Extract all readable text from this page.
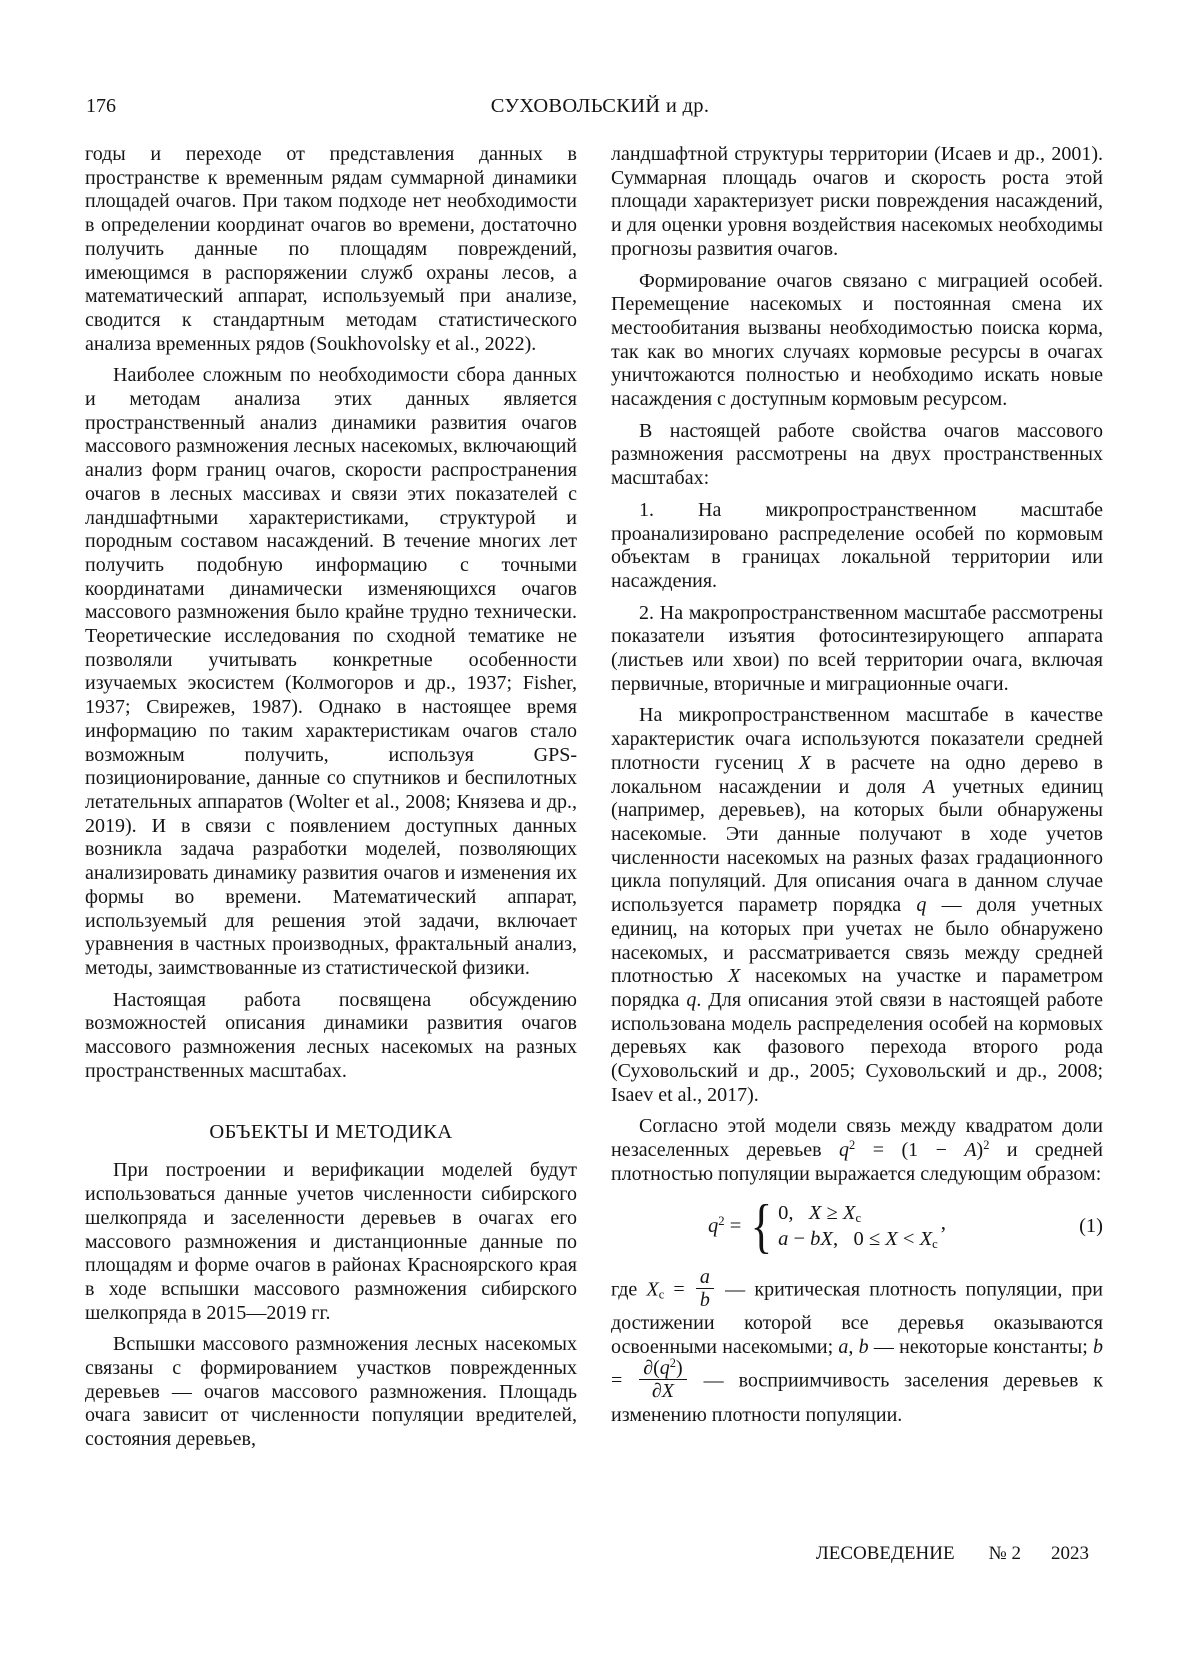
176	СУХОВОЛЬСКИЙ и др.

годы и переходе от представления данных в пространстве к временным рядам суммарной динамики площадей очагов. При таком подходе нет необходимости в определении координат очагов во времени, достаточно получить данные по площадям повреждений, имеющимся в распоряжении служб охраны лесов, а математический аппарат, используемый при анализе, сводится к стандартным методам статистического анализа временных рядов (Soukhovolsky et al., 2022).

Наиболее сложным по необходимости сбора данных и методам анализа этих данных является пространственный анализ динамики развития очагов массового размножения лесных насекомых, включающий анализ форм границ очагов, скорости распространения очагов в лесных массивах и связи этих показателей с ландшафтными характеристиками, структурой и породным составом насаждений. В течение многих лет получить подобную информацию с точными координатами динамически изменяющихся очагов массового размножения было крайне трудно технически. Теоретические исследования по сходной тематике не позволяли учитывать конкретные особенности изучаемых экосистем (Колмогоров и др., 1937; Fisher, 1937; Свирежев, 1987). Однако в настоящее время информацию по таким характеристикам очагов стало возможным получить, используя GPS-позиционирование, данные со спутников и беспилотных летательных аппаратов (Wolter et al., 2008; Князева и др., 2019). И в связи с появлением доступных данных возникла задача разработки моделей, позволяющих анализировать динамику развития очагов и изменения их формы во времени. Математический аппарат, используемый для решения этой задачи, включает уравнения в частных производных, фрактальный анализ, методы, заимствованные из статистической физики.

Настоящая работа посвящена обсуждению возможностей описания динамики развития очагов массового размножения лесных насекомых на разных пространственных масштабах.

ОБЪЕКТЫ И МЕТОДИКА

При построении и верификации моделей будут использоваться данные учетов численности сибирского шелкопряда и заселенности деревьев в очагах его массового размножения и дистанционные данные по площадям и форме очагов в районах Красноярского края в ходе вспышки массового размножения сибирского шелкопряда в 2015—2019 гг.

Вспышки массового размножения лесных насекомых связаны с формированием участков поврежденных деревьев — очагов массового размножения. Площадь очага зависит от численности популяции вредителей, состояния деревьев,

ландшафтной структуры территории (Исаев и др., 2001). Суммарная площадь очагов и скорость роста этой площади характеризует риски повреждения насаждений, и для оценки уровня воздействия насекомых необходимы прогнозы развития очагов.

Формирование очагов связано с миграцией особей. Перемещение насекомых и постоянная смена их местообитания вызваны необходимостью поиска корма, так как во многих случаях кормовые ресурсы в очагах уничтожаются полностью и необходимо искать новые насаждения с доступным кормовым ресурсом.

В настоящей работе свойства очагов массового размножения рассмотрены на двух пространственных масштабах:

1. На микропространственном масштабе проанализировано распределение особей по кормовым объектам в границах локальной территории или насаждения.

2. На макропространственном масштабе рассмотрены показатели изъятия фотосинтезирующего аппарата (листьев или хвои) по всей территории очага, включая первичные, вторичные и миграционные очаги.

На микропространственном масштабе в качестве характеристик очага используются показатели средней плотности гусениц X в расчете на одно дерево в локальном насаждении и доля A учетных единиц (например, деревьев), на которых были обнаружены насекомые. Эти данные получают в ходе учетов численности насекомых на разных фазах градационного цикла популяций. Для описания очага в данном случае используется параметр порядка q — доля учетных единиц, на которых при учетах не было обнаружено насекомых, и рассматривается связь между средней плотностью X насекомых на участке и параметром порядка q. Для описания этой связи в настоящей работе использована модель распределения особей на кормовых деревьях как фазового перехода второго рода (Суховольский и др., 2005; Суховольский и др., 2008; Isaev et al., 2017).

Согласно этой модели связь между квадратом доли незаселенных деревьев $q^2 = (1 - A)^2$ и средней плотностью популяции выражается следующим образом:

$q^2$ = { 0,   $X \ge X_c$
a − bX,   $0 \le X < X_c$
,	(1)

где $X_c = \frac{a}{b}$ — критическая плотность популяции, при достижении которой все деревья оказываются освоенными насекомыми; a, b — некоторые константы; $b = \frac{\partial(q^2)}{\partial X}$ — восприимчивость заселения деревьев к изменению плотности популяции.

ЛЕСОВЕДЕНИЕ № 2 2023
